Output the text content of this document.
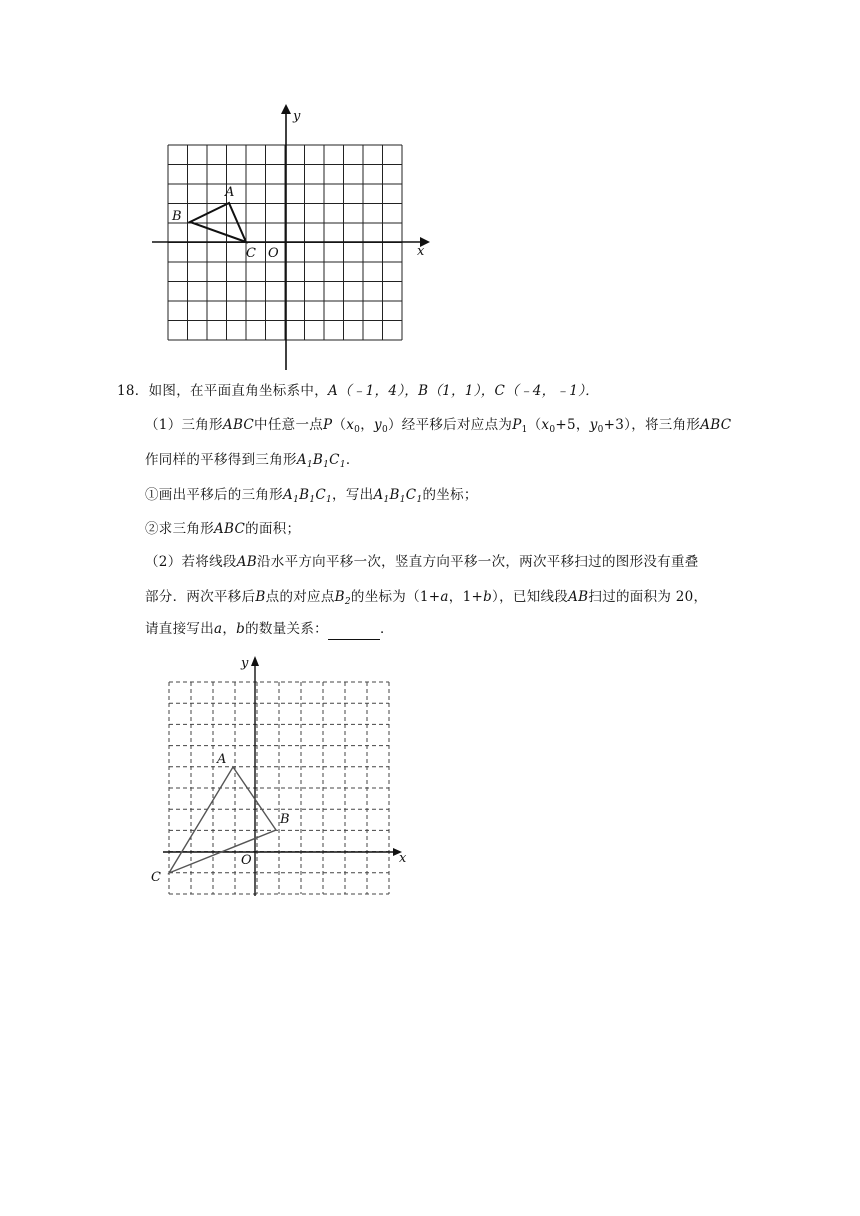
y
x
A
B
C O
18．如图，在平面直角坐标系中，A（﹣1，4），B（1，1），C（﹣4，﹣1）．
（1）三角形ABC中任意一点$P(x_0$，$y_0$）经平移后对应点为$P_1(x_0+5$，$y_0+3$），将三角形ABC
作同样的平移得到三角形$A_1B_1C_1$．
①画出平移后的三角形$A_1B_1C_1$，写出$A_1B_1C_1$的坐标；
②求三角形ABC的面积；
（2）若将线段AB沿水平方向平移一次，竖直方向平移一次，两次平移扫过的图形没有重叠
部分．两次平移后B点的对应点$B_2$的坐标为（1+a，1+b），已知线段AB扫过的面积为 20，
请直接写出a，b的数量关系：	．
y
x
A
B
C
O
